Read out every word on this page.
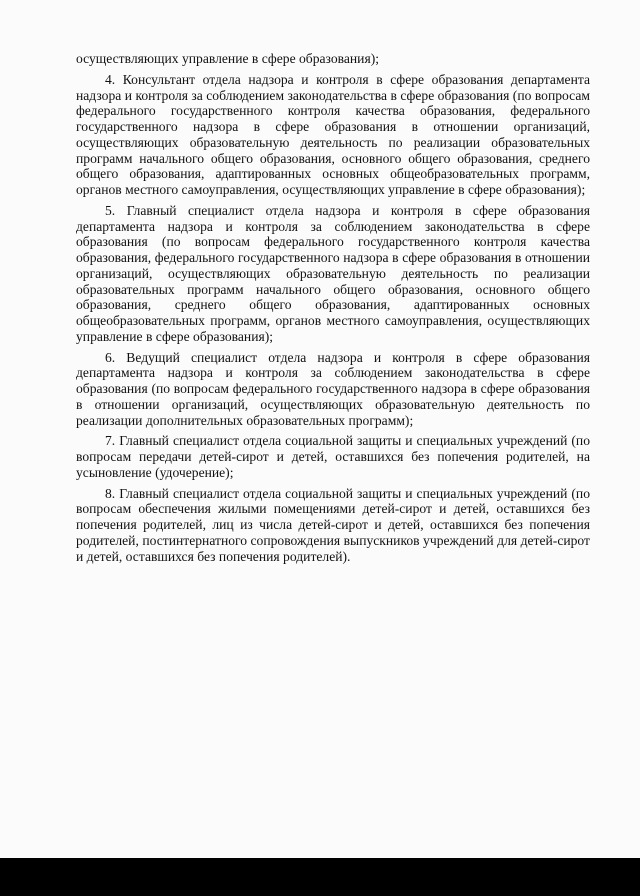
осуществляющих управление в сфере образования);

4. Консультант отдела надзора и контроля в сфере образования департамента надзора и контроля за соблюдением законодательства в сфере образования (по вопросам федерального государственного контроля качества образования, федерального государственного надзора в сфере образования в отношении организаций, осуществляющих образовательную деятельность по реализации образовательных программ начального общего образования, основного общего образования, среднего общего образования, адаптированных основных общеобразовательных программ, органов местного самоуправления, осуществляющих управление в сфере образования);

5. Главный специалист отдела надзора и контроля в сфере образования департамента надзора и контроля за соблюдением законодательства в сфере образования (по вопросам федерального государственного контроля качества образования, федерального государственного надзора в сфере образования в отношении организаций, осуществляющих образовательную деятельность по реализации образовательных программ начального общего образования, основного общего образования, среднего общего образования, адаптированных основных общеобразовательных программ, органов местного самоуправления, осуществляющих управление в сфере образования);

6. Ведущий специалист отдела надзора и контроля в сфере образования департамента надзора и контроля за соблюдением законодательства в сфере образования (по вопросам федерального государственного надзора в сфере образования в отношении организаций, осуществляющих образовательную деятельность по реализации дополнительных образовательных программ);

7. Главный специалист отдела социальной защиты и специальных учреждений (по вопросам передачи детей-сирот и детей, оставшихся без попечения родителей, на усыновление (удочерение);

8. Главный специалист отдела социальной защиты и специальных учреждений (по вопросам обеспечения жилыми помещениями детей-сирот и детей, оставшихся без попечения родителей, лиц из числа детей-сирот и детей, оставшихся без попечения родителей, постинтернатного сопровождения выпускников учреждений для детей-сирот и детей, оставшихся без попечения родителей).
